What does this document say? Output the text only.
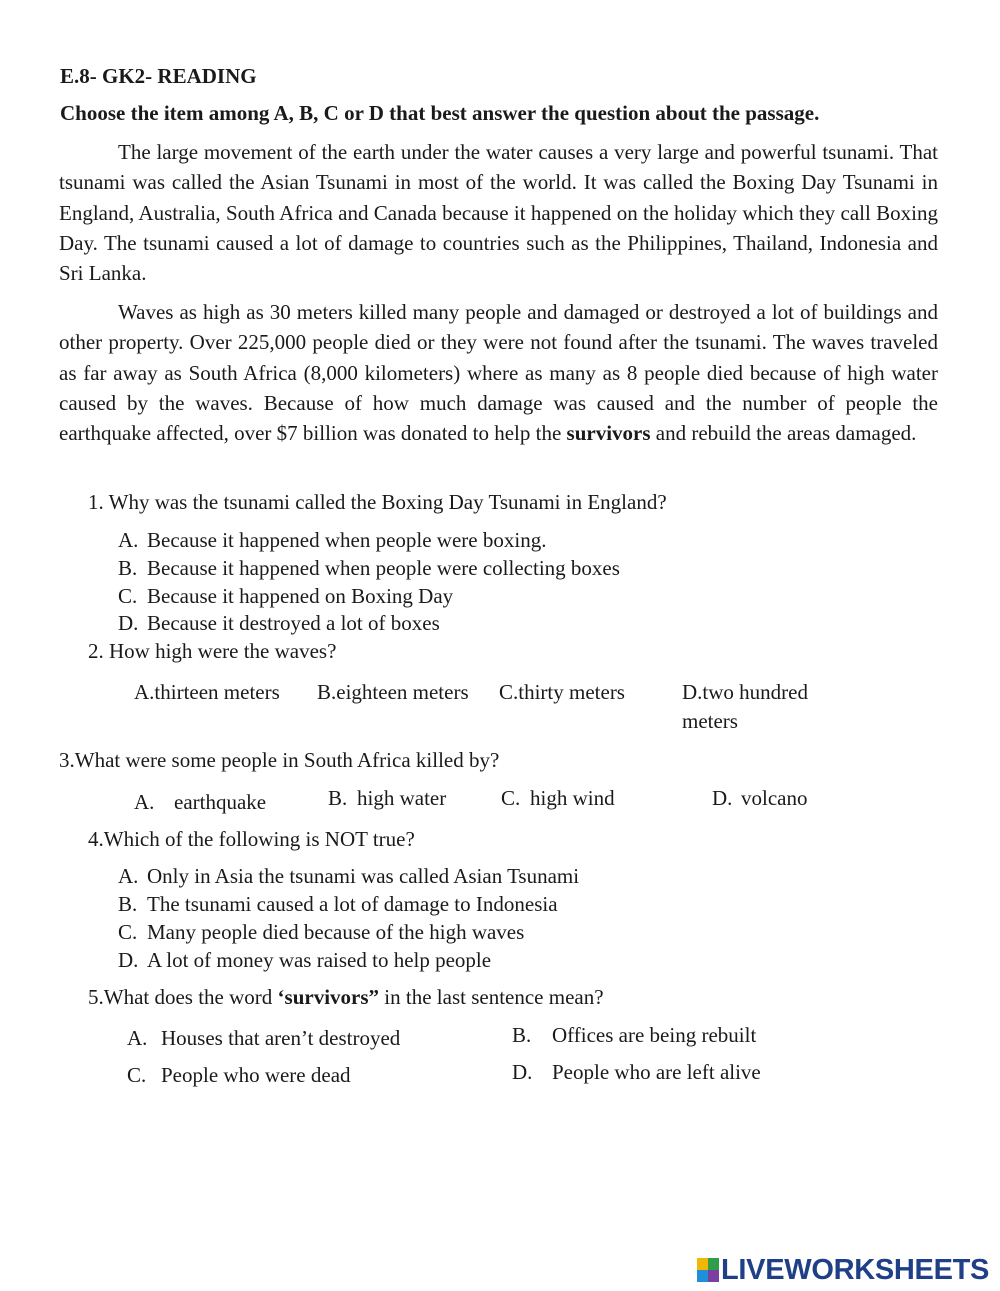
E.8- GK2- READING
Choose the item among A, B, C or D that best answer the question about the passage.

The large movement of the earth under the water causes a very large and powerful tsunami. That tsunami was called the Asian Tsunami in most of the world. It was called the Boxing Day Tsunami in England, Australia, South Africa and Canada because it happened on the holiday which they call Boxing Day. The tsunami caused a lot of damage to countries such as the Philippines, Thailand, Indonesia and Sri Lanka.

Waves as high as 30 meters killed many people and damaged or destroyed a lot of buildings and other property. Over 225,000 people died or they were not found after the tsunami. The waves traveled as far away as South Africa (8,000 kilometers) where as many as 8 people died because of high water caused by the waves. Because of how much damage was caused and the number of people the earthquake affected, over $7 billion was donated to help the survivors and rebuild the areas damaged.

1. Why was the tsunami called the Boxing Day Tsunami in England?
A. Because it happened when people were boxing.
B. Because it happened when people were collecting boxes
C. Because it happened on Boxing Day
D. Because it destroyed a lot of boxes
2. How high were the waves?
A.thirteen meters B.eighteen meters C.thirty meters	D.two hundred meters
3.What were some people in South Africa killed by?
A. earthquake	B. high water	C. high wind	D. volcano
4.Which of the following is NOT true?
A. Only in Asia the tsunami was called Asian Tsunami
B. The tsunami caused a lot of damage to Indonesia
C. Many people died because of the high waves
D. A lot of money was raised to help people
5.What does the word ‘survivors” in the last sentence mean?
A. Houses that aren’t destroyed	B. Offices are being rebuilt
C. People who were dead	D. People who are left alive
LIVEWORKSHEETS
